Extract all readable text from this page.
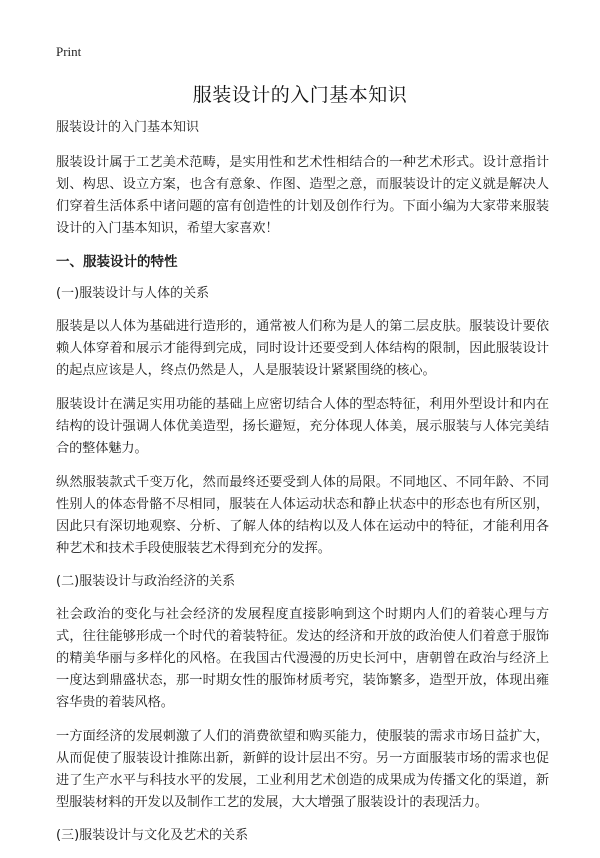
Print
服装设计的入门基本知识

服装设计的入门基本知识

服装设计属于工艺美术范畴，是实用性和艺术性相结合的一种艺术形式。设计意指计划、构思、设立方案，也含有意象、作图、造型之意，而服装设计的定义就是解决人们穿着生活体系中诸问题的富有创造性的计划及创作行为。下面小编为大家带来服装设计的入门基本知识，希望大家喜欢！

一、服装设计的特性

(一)服装设计与人体的关系

服装是以人体为基础进行造形的，通常被人们称为是人的第二层皮肤。服装设计要依赖人体穿着和展示才能得到完成，同时设计还要受到人体结构的限制，因此服装设计的起点应该是人，终点仍然是人，人是服装设计紧紧围绕的核心。

服装设计在满足实用功能的基础上应密切结合人体的型态特征，利用外型设计和内在结构的设计强调人体优美造型，扬长避短，充分体现人体美，展示服装与人体完美结合的整体魅力。

纵然服装款式千变万化，然而最终还要受到人体的局限。不同地区、不同年龄、不同性别人的体态骨骼不尽相同，服装在人体运动状态和静止状态中的形态也有所区别，因此只有深切地观察、分析、了解人体的结构以及人体在运动中的特征，才能利用各种艺术和技术手段使服装艺术得到充分的发挥。

(二)服装设计与政治经济的关系

社会政治的变化与社会经济的发展程度直接影响到这个时期内人们的着装心理与方式，往往能够形成一个时代的着装特征。发达的经济和开放的政治使人们着意于服饰的精美华丽与多样化的风格。在我国古代漫漫的历史长河中，唐朝曾在政治与经济上一度达到鼎盛状态，那一时期女性的服饰材质考究，装饰繁多，造型开放，体现出雍容华贵的着装风格。

一方面经济的发展刺激了人们的消费欲望和购买能力，使服装的需求市场日益扩大，从而促使了服装设计推陈出新，新鲜的设计层出不穷。另一方面服装市场的需求也促进了生产水平与科技水平的发展，工业利用艺术创造的成果成为传播文化的渠道，新型服装材料的开发以及制作工艺的发展，大大增强了服装设计的表现活力。

(三)服装设计与文化及艺术的关系
